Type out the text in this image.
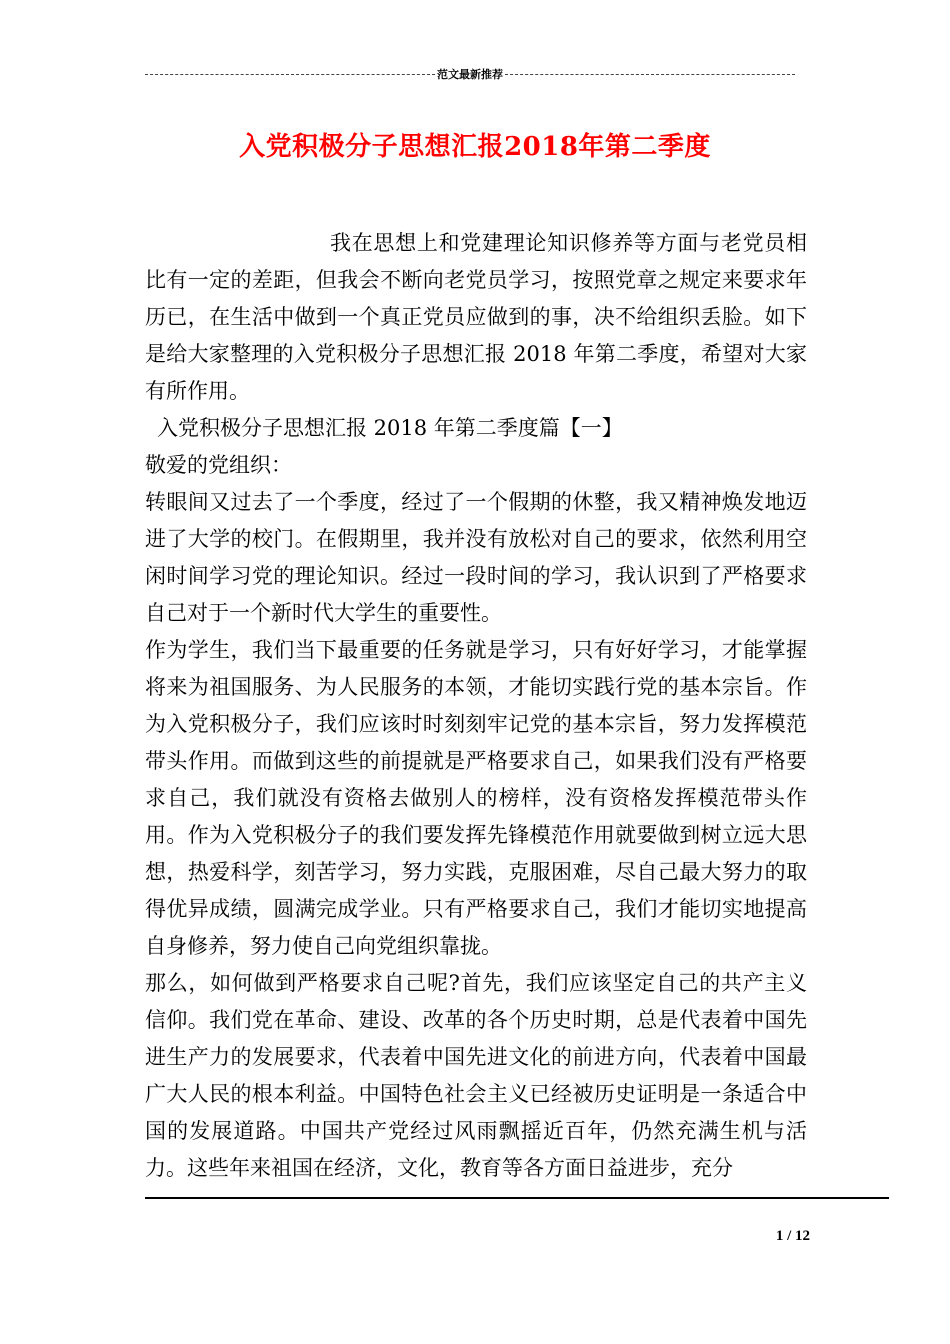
范文最新推荐
入党积极分子思想汇报2018年第二季度

我在思想上和党建理论知识修养等方面与老党员相比有一定的差距，但我会不断向老党员学习，按照党章之规定来要求年历已，在生活中做到一个真正党员应做到的事，决不给组织丢脸。如下是给大家整理的入党积极分子思想汇报 2018 年第二季度，希望对大家有所作用。

入党积极分子思想汇报 2018 年第二季度篇【一】

敬爱的党组织：

转眼间又过去了一个季度，经过了一个假期的休整，我又精神焕发地迈进了大学的校门。在假期里，我并没有放松对自己的要求，依然利用空闲时间学习党的理论知识。经过一段时间的学习，我认识到了严格要求自己对于一个新时代大学生的重要性。

作为学生，我们当下最重要的任务就是学习，只有好好学习，才能掌握将来为祖国服务、为人民服务的本领，才能切实践行党的基本宗旨。作为入党积极分子，我们应该时时刻刻牢记党的基本宗旨，努力发挥模范带头作用。而做到这些的前提就是严格要求自己，如果我们没有严格要求自己，我们就没有资格去做别人的榜样，没有资格发挥模范带头作用。作为入党积极分子的我们要发挥先锋模范作用就要做到树立远大思想，热爱科学，刻苦学习，努力实践，克服困难，尽自己最大努力的取得优异成绩，圆满完成学业。只有严格要求自己，我们才能切实地提高自身修养，努力使自己向党组织靠拢。

那么，如何做到严格要求自己呢?首先，我们应该坚定自己的共产主义信仰。我们党在革命、建设、改革的各个历史时期，总是代表着中国先进生产力的发展要求，代表着中国先进文化的前进方向，代表着中国最广大人民的根本利益。中国特色社会主义已经被历史证明是一条适合中国的发展道路。中国共产党经过风雨飘摇近百年，仍然充满生机与活力。这些年来祖国在经济，文化，教育等各方面日益进步，充分

1 / 12
